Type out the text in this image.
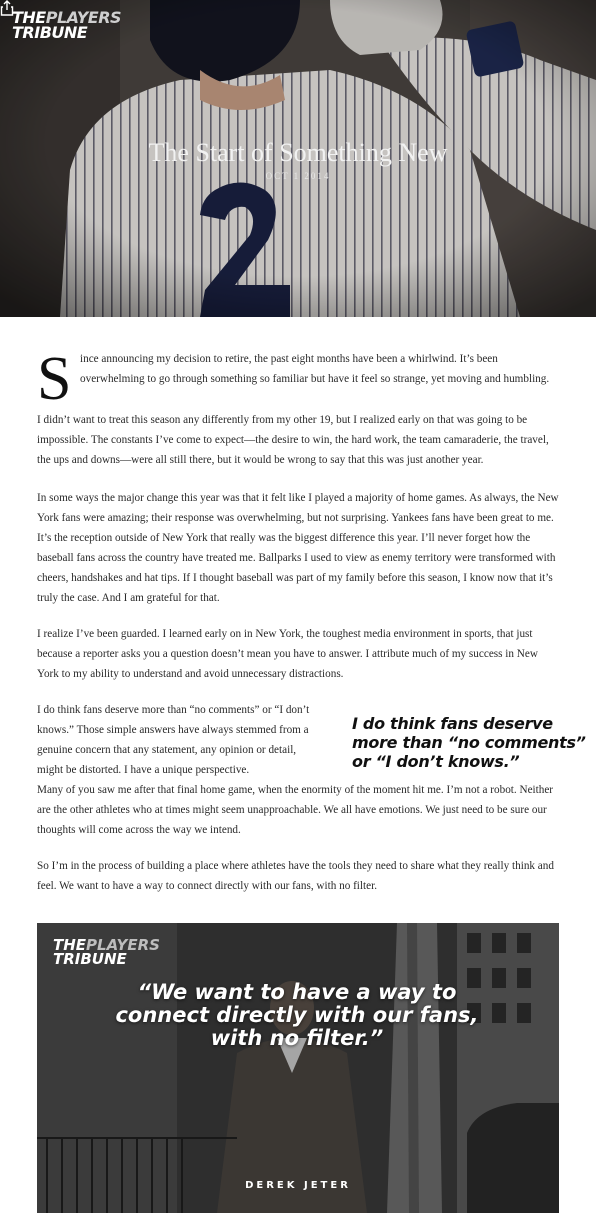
THEPLAYERS
TRIBUNE
The Start of Something New
OCT 1 2014
S ince announcing my decision to retire, the past eight months have been a whirlwind. It’s been overwhelming to go through something so familiar but have it feel so strange, yet moving and humbling.

I didn’t want to treat this season any differently from my other 19, but I realized early on that was going to be impossible. The constants I’ve come to expect—the desire to win, the hard work, the team camaraderie, the travel, the ups and downs—were all still there, but it would be wrong to say that this was just another year.

In some ways the major change this year was that it felt like I played a majority of home games. As always, the New York fans were amazing; their response was overwhelming, but not surprising. Yankees fans have been great to me. It’s the reception outside of New York that really was the biggest difference this year. I’ll never forget how the baseball fans across the country have treated me. Ballparks I used to view as enemy territory were transformed with cheers, handshakes and hat tips. If I thought baseball was part of my family before this season, I know now that it’s truly the case. And I am grateful for that.

I realize I’ve been guarded. I learned early on in New York, the toughest media environment in sports, that just because a reporter asks you a question doesn’t mean you have to answer. I attribute much of my success in New York to my ability to understand and avoid unnecessary distractions.

I do think fans deserve more than “no comments” or “I don’t knows.” Those simple answers have always stemmed from a genuine concern that any statement, any opinion or detail, might be distorted. I have a unique perspective.

Many of you saw me after that final home game, when the enormity of the moment hit me. I’m not a robot. Neither are the other athletes who at times might seem unapproachable. We all have emotions. We just need to be sure our thoughts will come across the way we intend.

So I’m in the process of building a place where athletes have the tools they need to share what they really think and feel. We want to have a way to connect directly with our fans, with no filter.

I do think fans deserve more than “no comments” or “I don’t knows.”
THEPLAYERS
TRIBUNE
“We want to have a way to connect directly with our fans, with no filter.”
DEREK JETER
